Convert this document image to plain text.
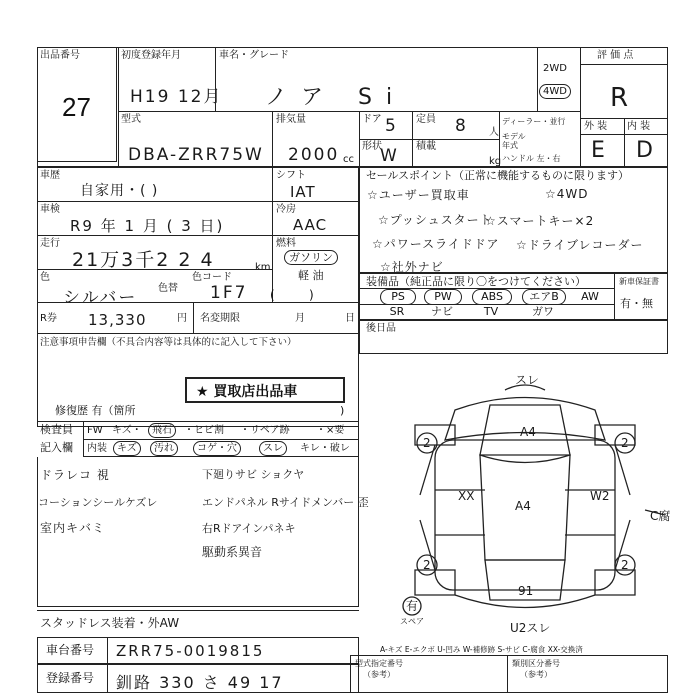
出品番号
27
初度登録年月
H19 12月
車名・グレード
ノア Si
2WD
4WD
評 価 点
R
外 装 内 装
E D
型式
DBA-ZRR75W
排気量
2000 cc
ドア 5 定員 8 人
形状
W 積載
kg
ディーラー・並行
モデル年式
ハンドル 左・右
車歴
自家用・( )
シフト
IAT
車検
R9 年 1 月 ( 3 日)
冷房
AAC
走行
21万3千2 2 4	km
燃料
ガソリン
軽 油
色
シルバー 色替
色コード
1F7 (         )
R券 13,330	円 名変期限	月	日
注意事項申告欄（不具合内容等は具体的に記入して下さい）
★ 買取店出品車
修復歴 有（箇所	)
検査員
記入欄
FW キズ・	飛石	・ヒビ割 ・リペア跡	・×要
内装	キズ	汚れ	コゲ・穴	スレ	キレ・破レ
ドラレコ 視
コーションシールケズレ
室内キバミ
下廻りサビ ショクヤ
エンドパネル Rサイドメンバー 歪
右Rドアインパネキ
駆動系異音
スタッドレス装着・外AW
車台番号 ZRR75-0019815
登録番号 釧路 330 さ 49 17
セールスポイント（正常に機能するものに限ります）
☆ユーザー買取車	☆4WD
☆プッシュスタート
☆スマートキー×2
☆パワースライドドア ☆ドライブレコーダー
☆社外ナビ
装備品（純正品に限り〇をつけてください）	新車保証書
有・無
PS	PW	ABS	エアB	AW
SR	ナビ	TV	ガワ
後日品
スレ
A4
2	2
A4
XX	W2
C腐
2	2
91
U2スレ
有
スペア
A-キズ E-エクボ U-凹み W-補修跡 S-サビ C-腐食 XX-交換済
型式指定番号
（参考）
類別区分番号
（参考）
